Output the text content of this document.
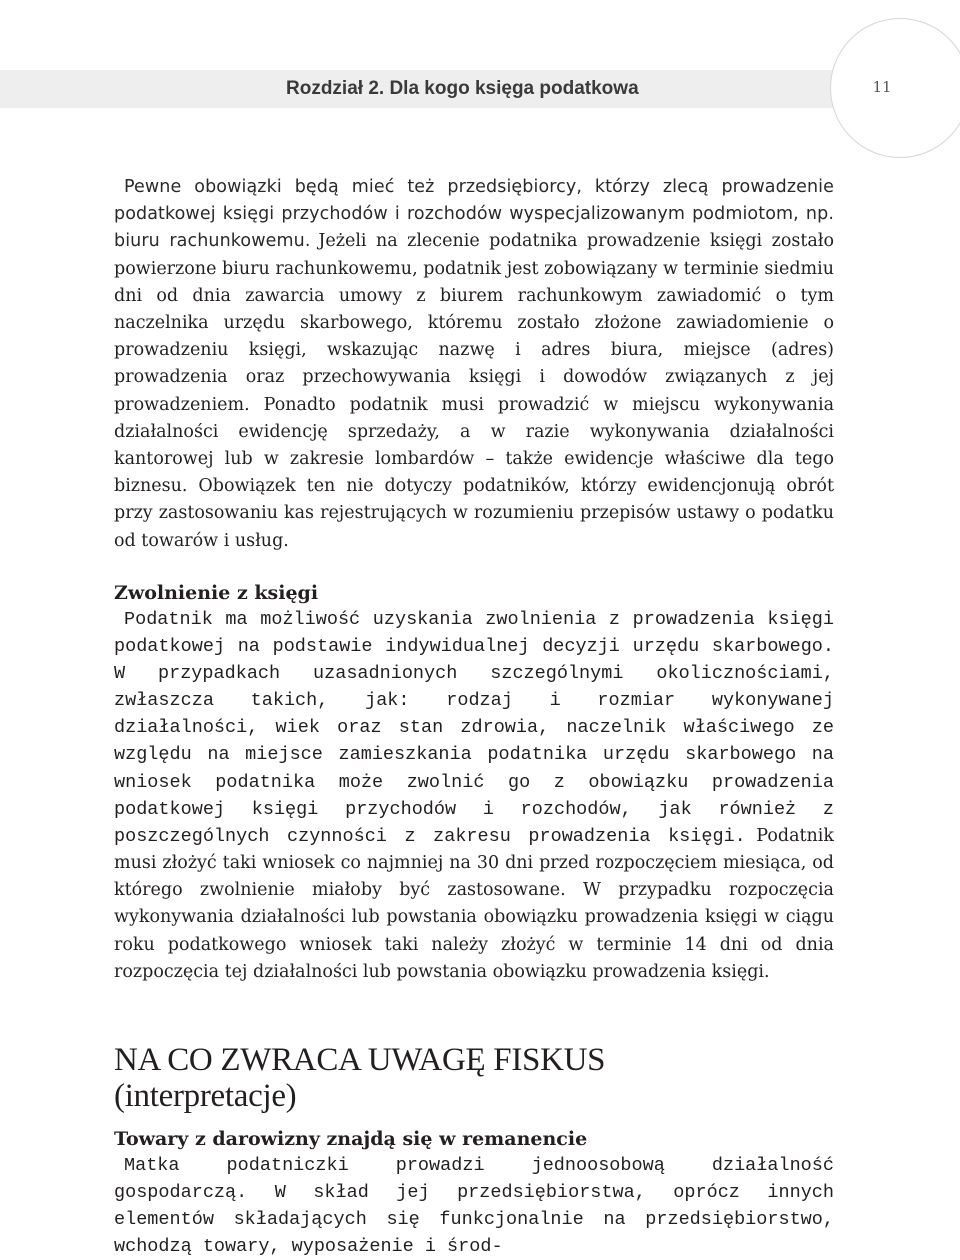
Rozdział 2. Dla kogo księga podatkowa	11

Pewne obowiązki będą mieć też przedsiębiorcy, którzy zlecą prowadzenie podatkowej księgi przychodów i rozchodów wyspecjalizowanym podmiotom, np. biuru rachunkowemu. Jeżeli na zlecenie podatnika prowadzenie księgi zostało powierzone biuru rachunkowemu, podatnik jest zobowiązany w terminie siedmiu dni od dnia zawarcia umowy z biurem rachunkowym zawiadomić o tym naczelnika urzędu skarbowego, któremu zostało złożone zawiadomienie o prowadzeniu księgi, wskazując nazwę i adres biura, miejsce (adres) prowadzenia oraz przechowywania księgi i dowodów związanych z jej prowadzeniem. Ponadto podatnik musi prowadzić w miejscu wykonywania działalności ewidencję sprzedaży, a w razie wykonywania działalności kantorowej lub w zakresie lombardów – także ewidencje właściwe dla tego biznesu. Obowiązek ten nie dotyczy podatników, którzy ewidencjonują obrót przy zastosowaniu kas rejestrujących w rozumieniu przepisów ustawy o podatku od towarów i usług.

Zwolnienie z księgi

Podatnik ma możliwość uzyskania zwolnienia z prowadzenia księgi podatkowej na podstawie indywidualnej decyzji urzędu skarbowego. W przypadkach uzasadnionych szczególnymi okolicznościami, zwłaszcza takich, jak: rodzaj i rozmiar wykonywanej działalności, wiek oraz stan zdrowia, naczelnik właściwego ze względu na miejsce zamieszkania podatnika urzędu skarbowego na wniosek podatnika może zwolnić go z obowiązku prowadzenia podatkowej księgi przychodów i rozchodów, jak również z poszczególnych czynności z zakresu prowadzenia księgi. Podatnik musi złożyć taki wniosek co najmniej na 30 dni przed rozpoczęciem miesiąca, od którego zwolnienie miałoby być zastosowane. W przypadku rozpoczęcia wykonywania działalności lub powstania obowiązku prowadzenia księgi w ciągu roku podatkowego wniosek taki należy złożyć w terminie 14 dni od dnia rozpoczęcia tej działalności lub powstania obowiązku prowadzenia księgi.

NA CO ZWRACA UWAGĘ FISKUS
(interpretacje)
Towary z darowizny znajdą się w remanencie

Matka podatniczki prowadzi jednoosobową działalność gospodarczą. W skład jej przedsiębiorstwa, oprócz innych elementów składających się funkcjonalnie na przedsiębiorstwo, wchodzą towary, wyposażenie i środ-
